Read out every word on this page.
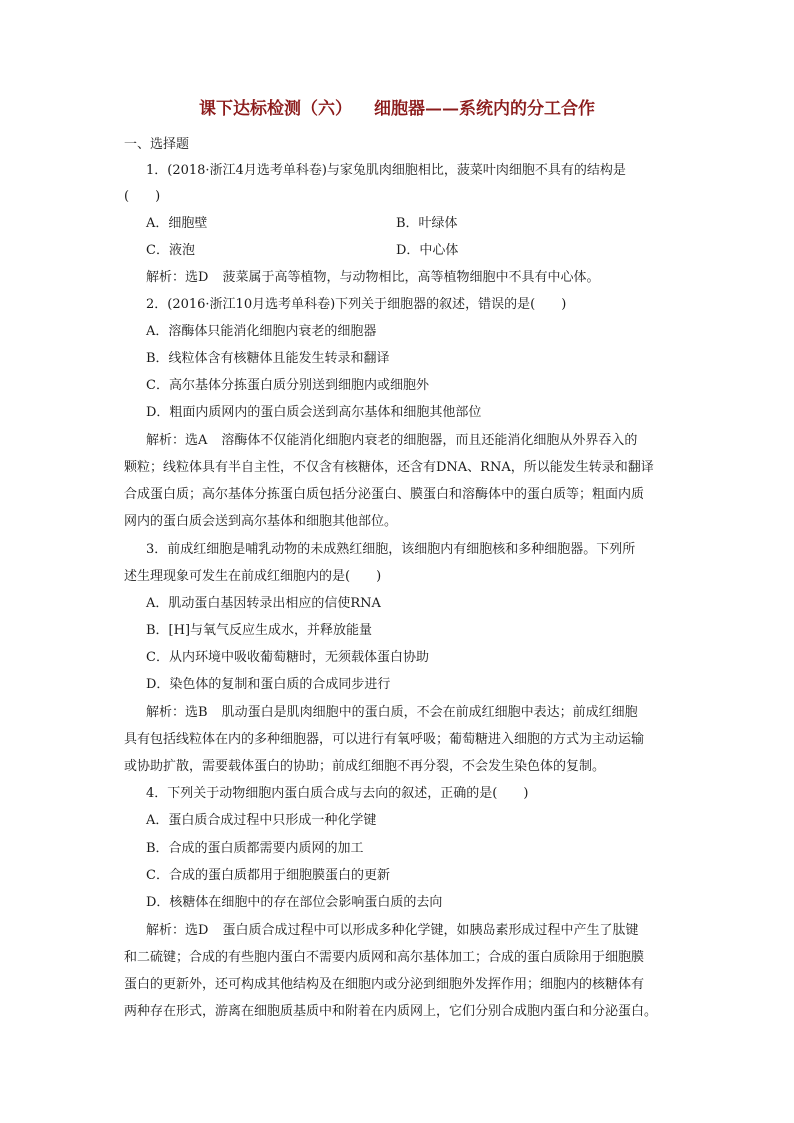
课下达标检测（六） 细胞器——系统内的分工合作
一、选择题
1．(2018·浙江4月选考单科卷)与家兔肌肉细胞相比，菠菜叶肉细胞不具有的结构是
(　　)
A．细胞壁	B．叶绿体
C．液泡	D．中心体
解析：选D 菠菜属于高等植物，与动物相比，高等植物细胞中不具有中心体。
2．(2016·浙江10月选考单科卷)下列关于细胞器的叙述，错误的是(　　)
A．溶酶体只能消化细胞内衰老的细胞器
B．线粒体含有核糖体且能发生转录和翻译
C．高尔基体分拣蛋白质分别送到细胞内或细胞外
D．粗面内质网内的蛋白质会送到高尔基体和细胞其他部位
解析：选A 溶酶体不仅能消化细胞内衰老的细胞器，而且还能消化细胞从外界吞入的
颗粒；线粒体具有半自主性，不仅含有核糖体，还含有DNA、RNA，所以能发生转录和翻译
合成蛋白质；高尔基体分拣蛋白质包括分泌蛋白、膜蛋白和溶酶体中的蛋白质等；粗面内质
网内的蛋白质会送到高尔基体和细胞其他部位。
3．前成红细胞是哺乳动物的未成熟红细胞，该细胞内有细胞核和多种细胞器。下列所
述生理现象可发生在前成红细胞内的是(　　)
A．肌动蛋白基因转录出相应的信使RNA
B．[H]与氧气反应生成水，并释放能量
C．从内环境中吸收葡萄糖时，无须载体蛋白协助
D．染色体的复制和蛋白质的合成同步进行
解析：选B 肌动蛋白是肌肉细胞中的蛋白质，不会在前成红细胞中表达；前成红细胞
具有包括线粒体在内的多种细胞器，可以进行有氧呼吸；葡萄糖进入细胞的方式为主动运输
或协助扩散，需要载体蛋白的协助；前成红细胞不再分裂，不会发生染色体的复制。
4．下列关于动物细胞内蛋白质合成与去向的叙述，正确的是(　　)
A．蛋白质合成过程中只形成一种化学键
B．合成的蛋白质都需要内质网的加工
C．合成的蛋白质都用于细胞膜蛋白的更新
D．核糖体在细胞中的存在部位会影响蛋白质的去向
解析：选D 蛋白质合成过程中可以形成多种化学键，如胰岛素形成过程中产生了肽键
和二硫键；合成的有些胞内蛋白不需要内质网和高尔基体加工；合成的蛋白质除用于细胞膜
蛋白的更新外，还可构成其他结构及在细胞内或分泌到细胞外发挥作用；细胞内的核糖体有
两种存在形式，游离在细胞质基质中和附着在内质网上，它们分别合成胞内蛋白和分泌蛋白。
